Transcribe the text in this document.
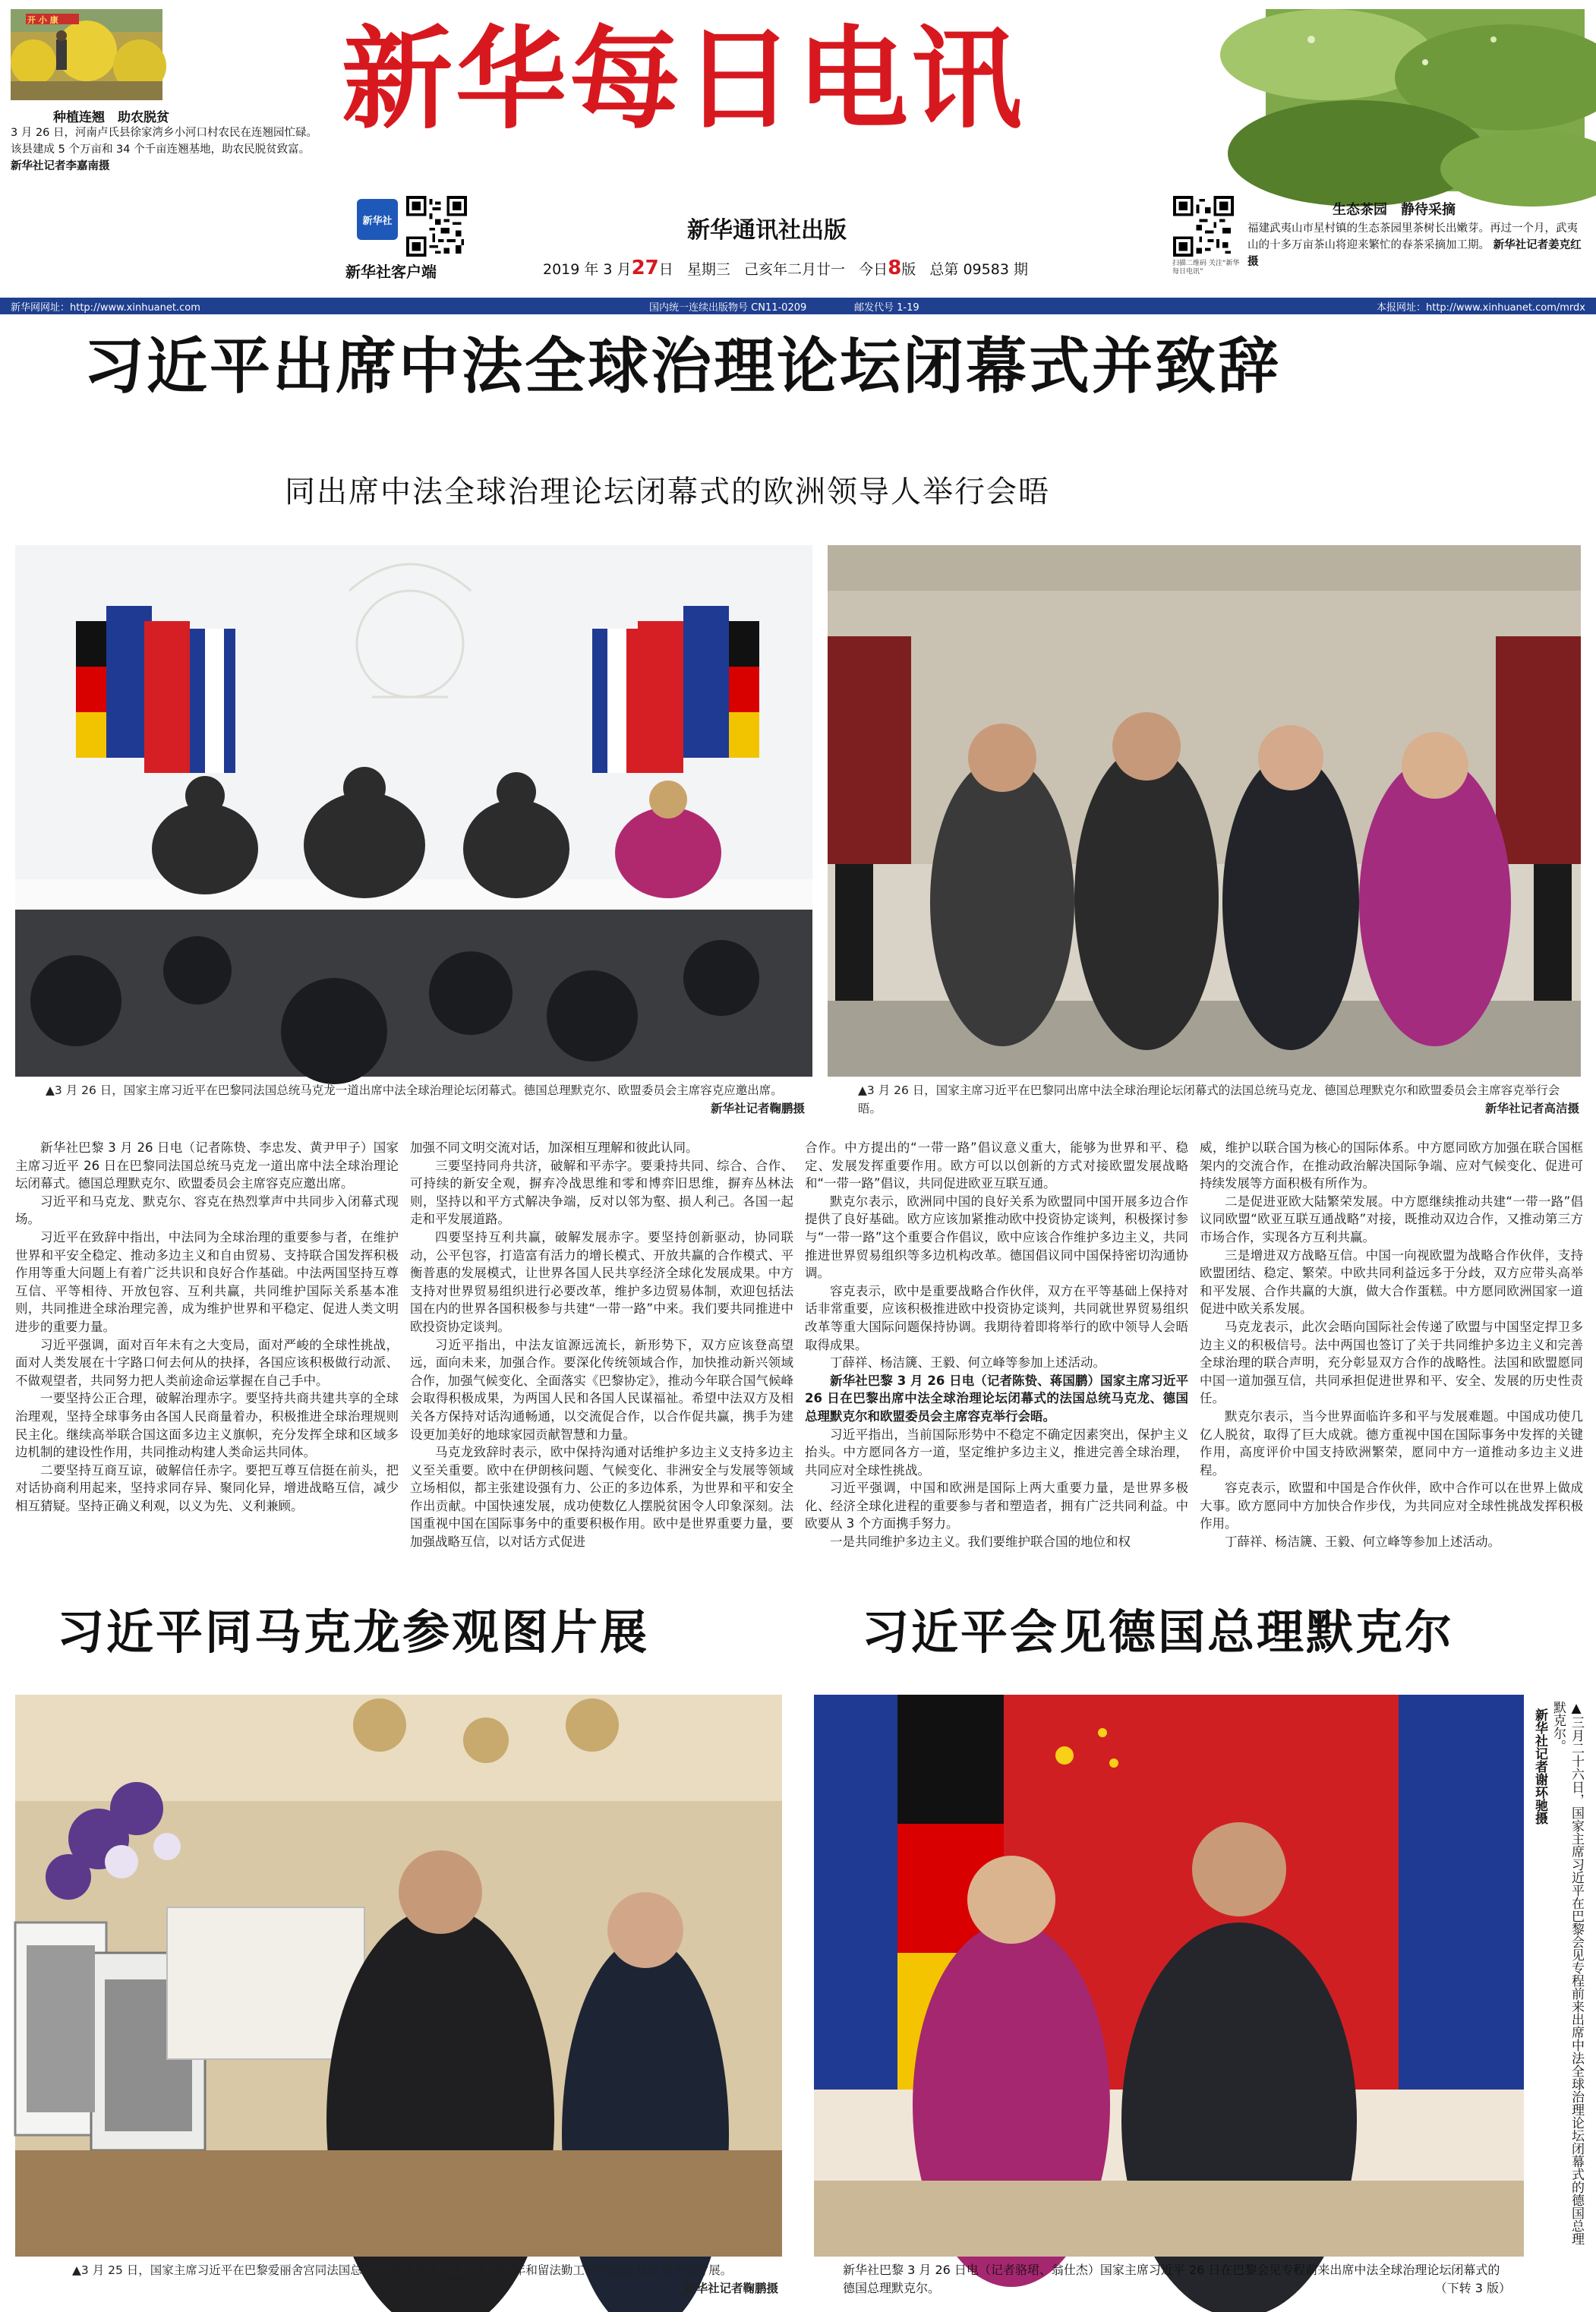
开 小 康
种植连翘　助农脱贫
3 月 26 日，河南卢氏县徐家湾乡小河口村农民在连翘园忙碌。该县建成 5 个万亩和 34 个千亩连翘基地，助农民脱贫致富。 新华社记者李嘉南摄
新华每日电讯
新华社
新华社客户端
新华通讯社出版
2019 年 3 月27日 星期三 己亥年二月廿一 今日8版 总第 09583 期	扫描二维码 关注“新华每日电讯”
生态茶园　静待采摘
福建武夷山市星村镇的生态茶园里茶树长出嫩芽。再过一个月，武夷山的十多万亩茶山将迎来繁忙的春茶采摘加工期。 新华社记者姜克红摄
新华网网址：http://www.xinhuanet.com	国内统一连续出版物号 CN11-0209	邮发代号 1-19	本报网址：http://www.xinhuanet.com/mrdx
习近平出席中法全球治理论坛闭幕式并致辞
同出席中法全球治理论坛闭幕式的欧洲领导人举行会晤
▲3 月 26 日，国家主席习近平在巴黎同法国总统马克龙一道出席中法全球治理论坛闭幕式。德国总理默克尔、欧盟委员会主席容克应邀出席。
新华社记者鞠鹏摄
▲3 月 26 日，国家主席习近平在巴黎同出席中法全球治理论坛闭幕式的法国总统马克龙、德国总理默克尔和欧盟委员会主席容克举行会晤。	新华社记者高洁摄

新华社巴黎 3 月 26 日电（记者陈贽、李忠发、黄尹甲子）国家主席习近平 26 日在巴黎同法国总统马克龙一道出席中法全球治理论坛闭幕式。德国总理默克尔、欧盟委员会主席容克应邀出席。

习近平和马克龙、默克尔、容克在热烈掌声中共同步入闭幕式现场。

习近平在致辞中指出，中法同为全球治理的重要参与者，在维护世界和平安全稳定、推动多边主义和自由贸易、支持联合国发挥积极作用等重大问题上有着广泛共识和良好合作基础。中法两国坚持互尊互信、平等相待、开放包容、互利共赢，共同维护国际关系基本准则，共同推进全球治理完善，成为维护世界和平稳定、促进人类文明进步的重要力量。

习近平强调，面对百年未有之大变局，面对严峻的全球性挑战，面对人类发展在十字路口何去何从的抉择，各国应该积极做行动派、不做观望者，共同努力把人类前途命运掌握在自己手中。

一要坚持公正合理，破解治理赤字。要坚持共商共建共享的全球治理观，坚持全球事务由各国人民商量着办，积极推进全球治理规则民主化。继续高举联合国这面多边主义旗帜，充分发挥全球和区域多边机制的建设性作用，共同推动构建人类命运共同体。

二要坚持互商互谅，破解信任赤字。要把互尊互信挺在前头，把对话协商利用起来，坚持求同存异、聚同化异，增进战略互信，减少相互猜疑。坚持正确义利观，以义为先、义利兼顾。

加强不同文明交流对话，加深相互理解和彼此认同。

三要坚持同舟共济，破解和平赤字。要秉持共同、综合、合作、可持续的新安全观，摒弃冷战思维和零和博弈旧思维，摒弃丛林法则，坚持以和平方式解决争端，反对以邻为壑、损人利己。各国一起走和平发展道路。

四要坚持互利共赢，破解发展赤字。要坚持创新驱动，协同联动，公平包容，打造富有活力的增长模式、开放共赢的合作模式、平衡普惠的发展模式，让世界各国人民共享经济全球化发展成果。中方支持对世界贸易组织进行必要改革，维护多边贸易体制，欢迎包括法国在内的世界各国积极参与共建“一带一路”中来。我们要共同推进中欧投资协定谈判。

习近平指出，中法友谊源远流长，新形势下，双方应该登高望远，面向未来，加强合作。要深化传统领域合作，加快推动新兴领域合作，加强气候变化、全面落实《巴黎协定》，推动今年联合国气候峰会取得积极成果，为两国人民和各国人民谋福祉。希望中法双方及相关各方保持对话沟通畅通，以交流促合作，以合作促共赢，携手为建设更加美好的地球家园贡献智慧和力量。

马克龙致辞时表示，欧中保持沟通对话维护多边主义支持多边主义至关重要。欧中在伊朗核问题、气候变化、非洲安全与发展等领域立场相似，都主张建设强有力、公正的多边体系，为世界和平和安全作出贡献。中国快速发展，成功使数亿人摆脱贫困令人印象深刻。法国重视中国在国际事务中的重要积极作用。欧中是世界重要力量，要加强战略互信，以对话方式促进

合作。中方提出的“一带一路”倡议意义重大，能够为世界和平、稳定、发展发挥重要作用。欧方可以以创新的方式对接欧盟发展战略和“一带一路”倡议，共同促进欧亚互联互通。

默克尔表示，欧洲同中国的良好关系为欧盟同中国开展多边合作提供了良好基础。欧方应该加紧推动欧中投资协定谈判，积极探讨参与“一带一路”这个重要合作倡议，欧中应该合作维护多边主义，共同推进世界贸易组织等多边机构改革。德国倡议同中国保持密切沟通协调。

容克表示，欧中是重要战略合作伙伴，双方在平等基础上保持对话非常重要，应该积极推进欧中投资协定谈判，共同就世界贸易组织改革等重大国际问题保持协调。我期待着即将举行的欧中领导人会晤取得成果。

丁薛祥、杨洁篪、王毅、何立峰等参加上述活动。

新华社巴黎 3 月 26 日电（记者陈贽、蒋国鹏）国家主席习近平 26 日在巴黎出席中法全球治理论坛闭幕式的法国总统马克龙、德国总理默克尔和欧盟委员会主席容克举行会晤。

习近平指出，当前国际形势中不稳定不确定因素突出，保护主义抬头。中方愿同各方一道，坚定维护多边主义，推进完善全球治理，共同应对全球性挑战。

习近平强调，中国和欧洲是国际上两大重要力量，是世界多极化、经济全球化进程的重要参与者和塑造者，拥有广泛共同利益。中欧要从 3 个方面携手努力。

一是共同维护多边主义。我们要维护联合国的地位和权

威，维护以联合国为核心的国际体系。中方愿同欧方加强在联合国框架内的交流合作，在推动政治解决国际争端、应对气候变化、促进可持续发展等方面积极有所作为。

二是促进亚欧大陆繁荣发展。中方愿继续推动共建“一带一路”倡议同欧盟“欧亚互联互通战略”对接，既推动双边合作，又推动第三方市场合作，实现各方互利共赢。

三是增进双方战略互信。中国一向视欧盟为战略合作伙伴，支持欧盟团结、稳定、繁荣。中欧共同利益远多于分歧，双方应带头高举和平发展、合作共赢的大旗，做大合作蛋糕。中方愿同欧洲国家一道促进中欧关系发展。

马克龙表示，此次会晤向国际社会传递了欧盟与中国坚定捍卫多边主义的积极信号。法中两国也签订了关于共同维护多边主义和完善全球治理的联合声明，充分彰显双方合作的战略性。法国和欧盟愿同中国一道加强互信，共同承担促进世界和平、安全、发展的历史性责任。

默克尔表示，当今世界面临许多和平与发展难题。中国成功使几亿人脱贫，取得了巨大成就。德方重视中国在国际事务中发挥的关键作用，高度评价中国支持欧洲繁荣，愿同中方一道推动多边主义进程。

容克表示，欧盟和中国是合作伙伴，欧中合作可以在世界上做成大事。欧方愿同中方加快合作步伐，为共同应对全球性挑战发挥积极作用。

丁薛祥、杨洁篪、王毅、何立峰等参加上述活动。

习近平同马克龙参观图片展
▲3 月 25 日，国家主席习近平在巴黎爱丽舍宫同法国总统马克龙参观中法建交 55 周年和留法勤工俭学运动 100 周年图片展。
新华社记者鞠鹏摄
习近平会见德国总理默克尔
▲三月二十六日，国家主席习近平在巴黎会见专程前来出席中法全球治理论坛闭幕式的德国总理默克尔。
新华社记者谢环驰摄
新华社巴黎 3 月 26 日电（记者骆珺、翁仕杰）国家主席习近平 26 日在巴黎会见专程前来出席中法全球治理论坛闭幕式的德国总理默克尔。	（下转 3 版）
